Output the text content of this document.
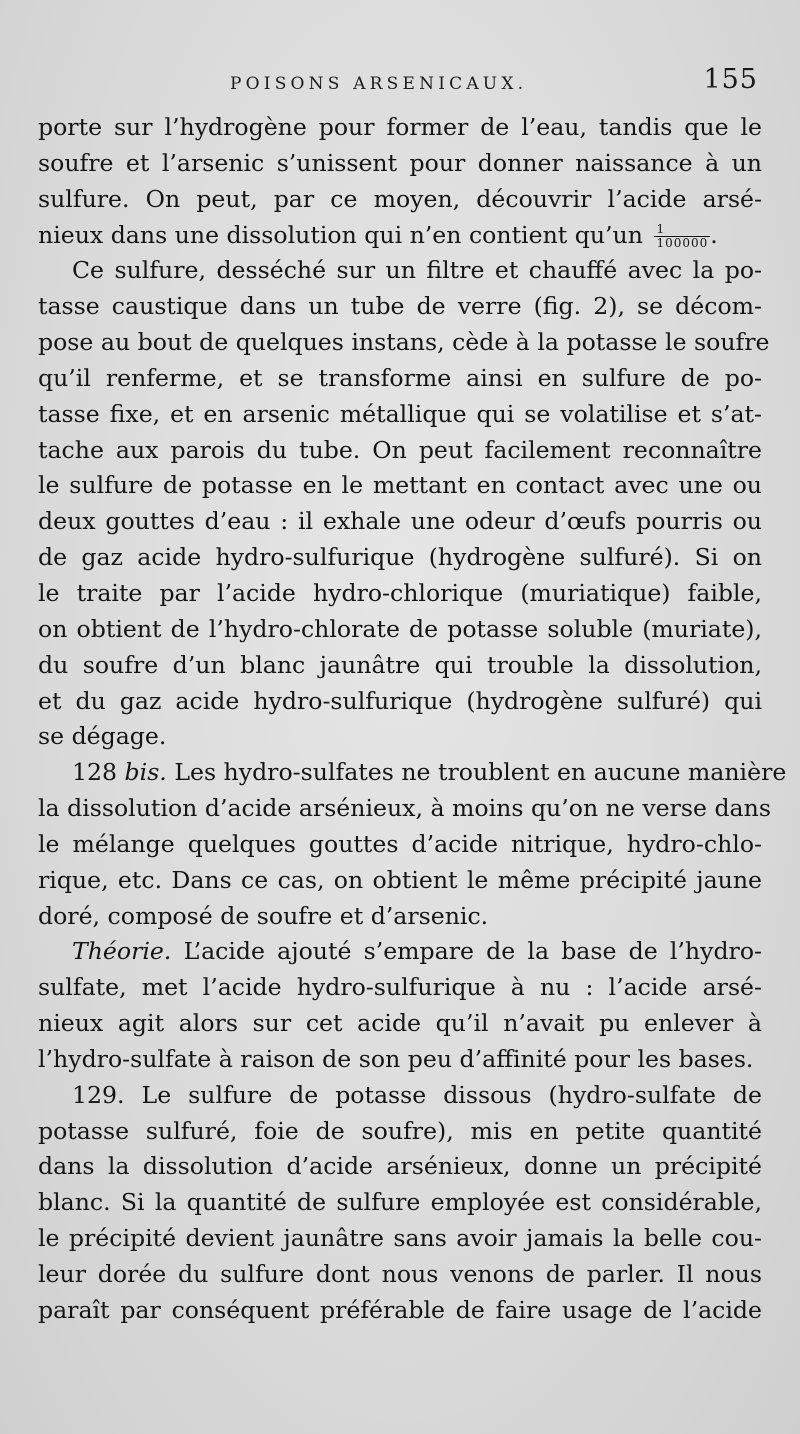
POISONS ARSENICAUX.	155
porte sur l’hydrogène pour former de l’eau, tandis que le
soufre et l’arsenic s’unissent pour donner naissance à un
sulfure. On peut, par ce moyen, découvrir l’acide arsé-
nieux dans une dissolution qui n’en contient qu’un $\frac{1}{100000}$ .
Ce sulfure, desséché sur un filtre et chauffé avec la po-
tasse caustique dans un tube de verre (fig. 2), se décom-
pose au bout de quelques instans, cède à la potasse le soufre
qu’il renferme, et se transforme ainsi en sulfure de po-
tasse fixe, et en arsenic métallique qui se volatilise et s’at-
tache aux parois du tube. On peut facilement reconnaître
le sulfure de potasse en le mettant en contact avec une ou
deux gouttes d’eau : il exhale une odeur d’œufs pourris ou
de gaz acide hydro-sulfurique (hydrogène sulfuré). Si on
le traite par l’acide hydro-chlorique (muriatique) faible,
on obtient de l’hydro-chlorate de potasse soluble (muriate),
du soufre d’un blanc jaunâtre qui trouble la dissolution,
et du gaz acide hydro-sulfurique (hydrogène sulfuré) qui
se dégage.
128 bis. Les hydro-sulfates ne troublent en aucune manière
la dissolution d’acide arsénieux, à moins qu’on ne verse dans
le mélange quelques gouttes d’acide nitrique, hydro-chlo-
rique, etc. Dans ce cas, on obtient le même précipité jaune
doré, composé de soufre et d’arsenic.
Théorie. L’acide ajouté s’empare de la base de l’hydro-
sulfate, met l’acide hydro-sulfurique à nu : l’acide arsé-
nieux agit alors sur cet acide qu’il n’avait pu enlever à
l’hydro-sulfate à raison de son peu d’affinité pour les bases.
129. Le sulfure de potasse dissous (hydro-sulfate de
potasse sulfuré, foie de soufre), mis en petite quantité
dans la dissolution d’acide arsénieux, donne un précipité
blanc. Si la quantité de sulfure employée est considérable,
le précipité devient jaunâtre sans avoir jamais la belle cou-
leur dorée du sulfure dont nous venons de parler. Il nous
paraît par conséquent préférable de faire usage de l’acide
